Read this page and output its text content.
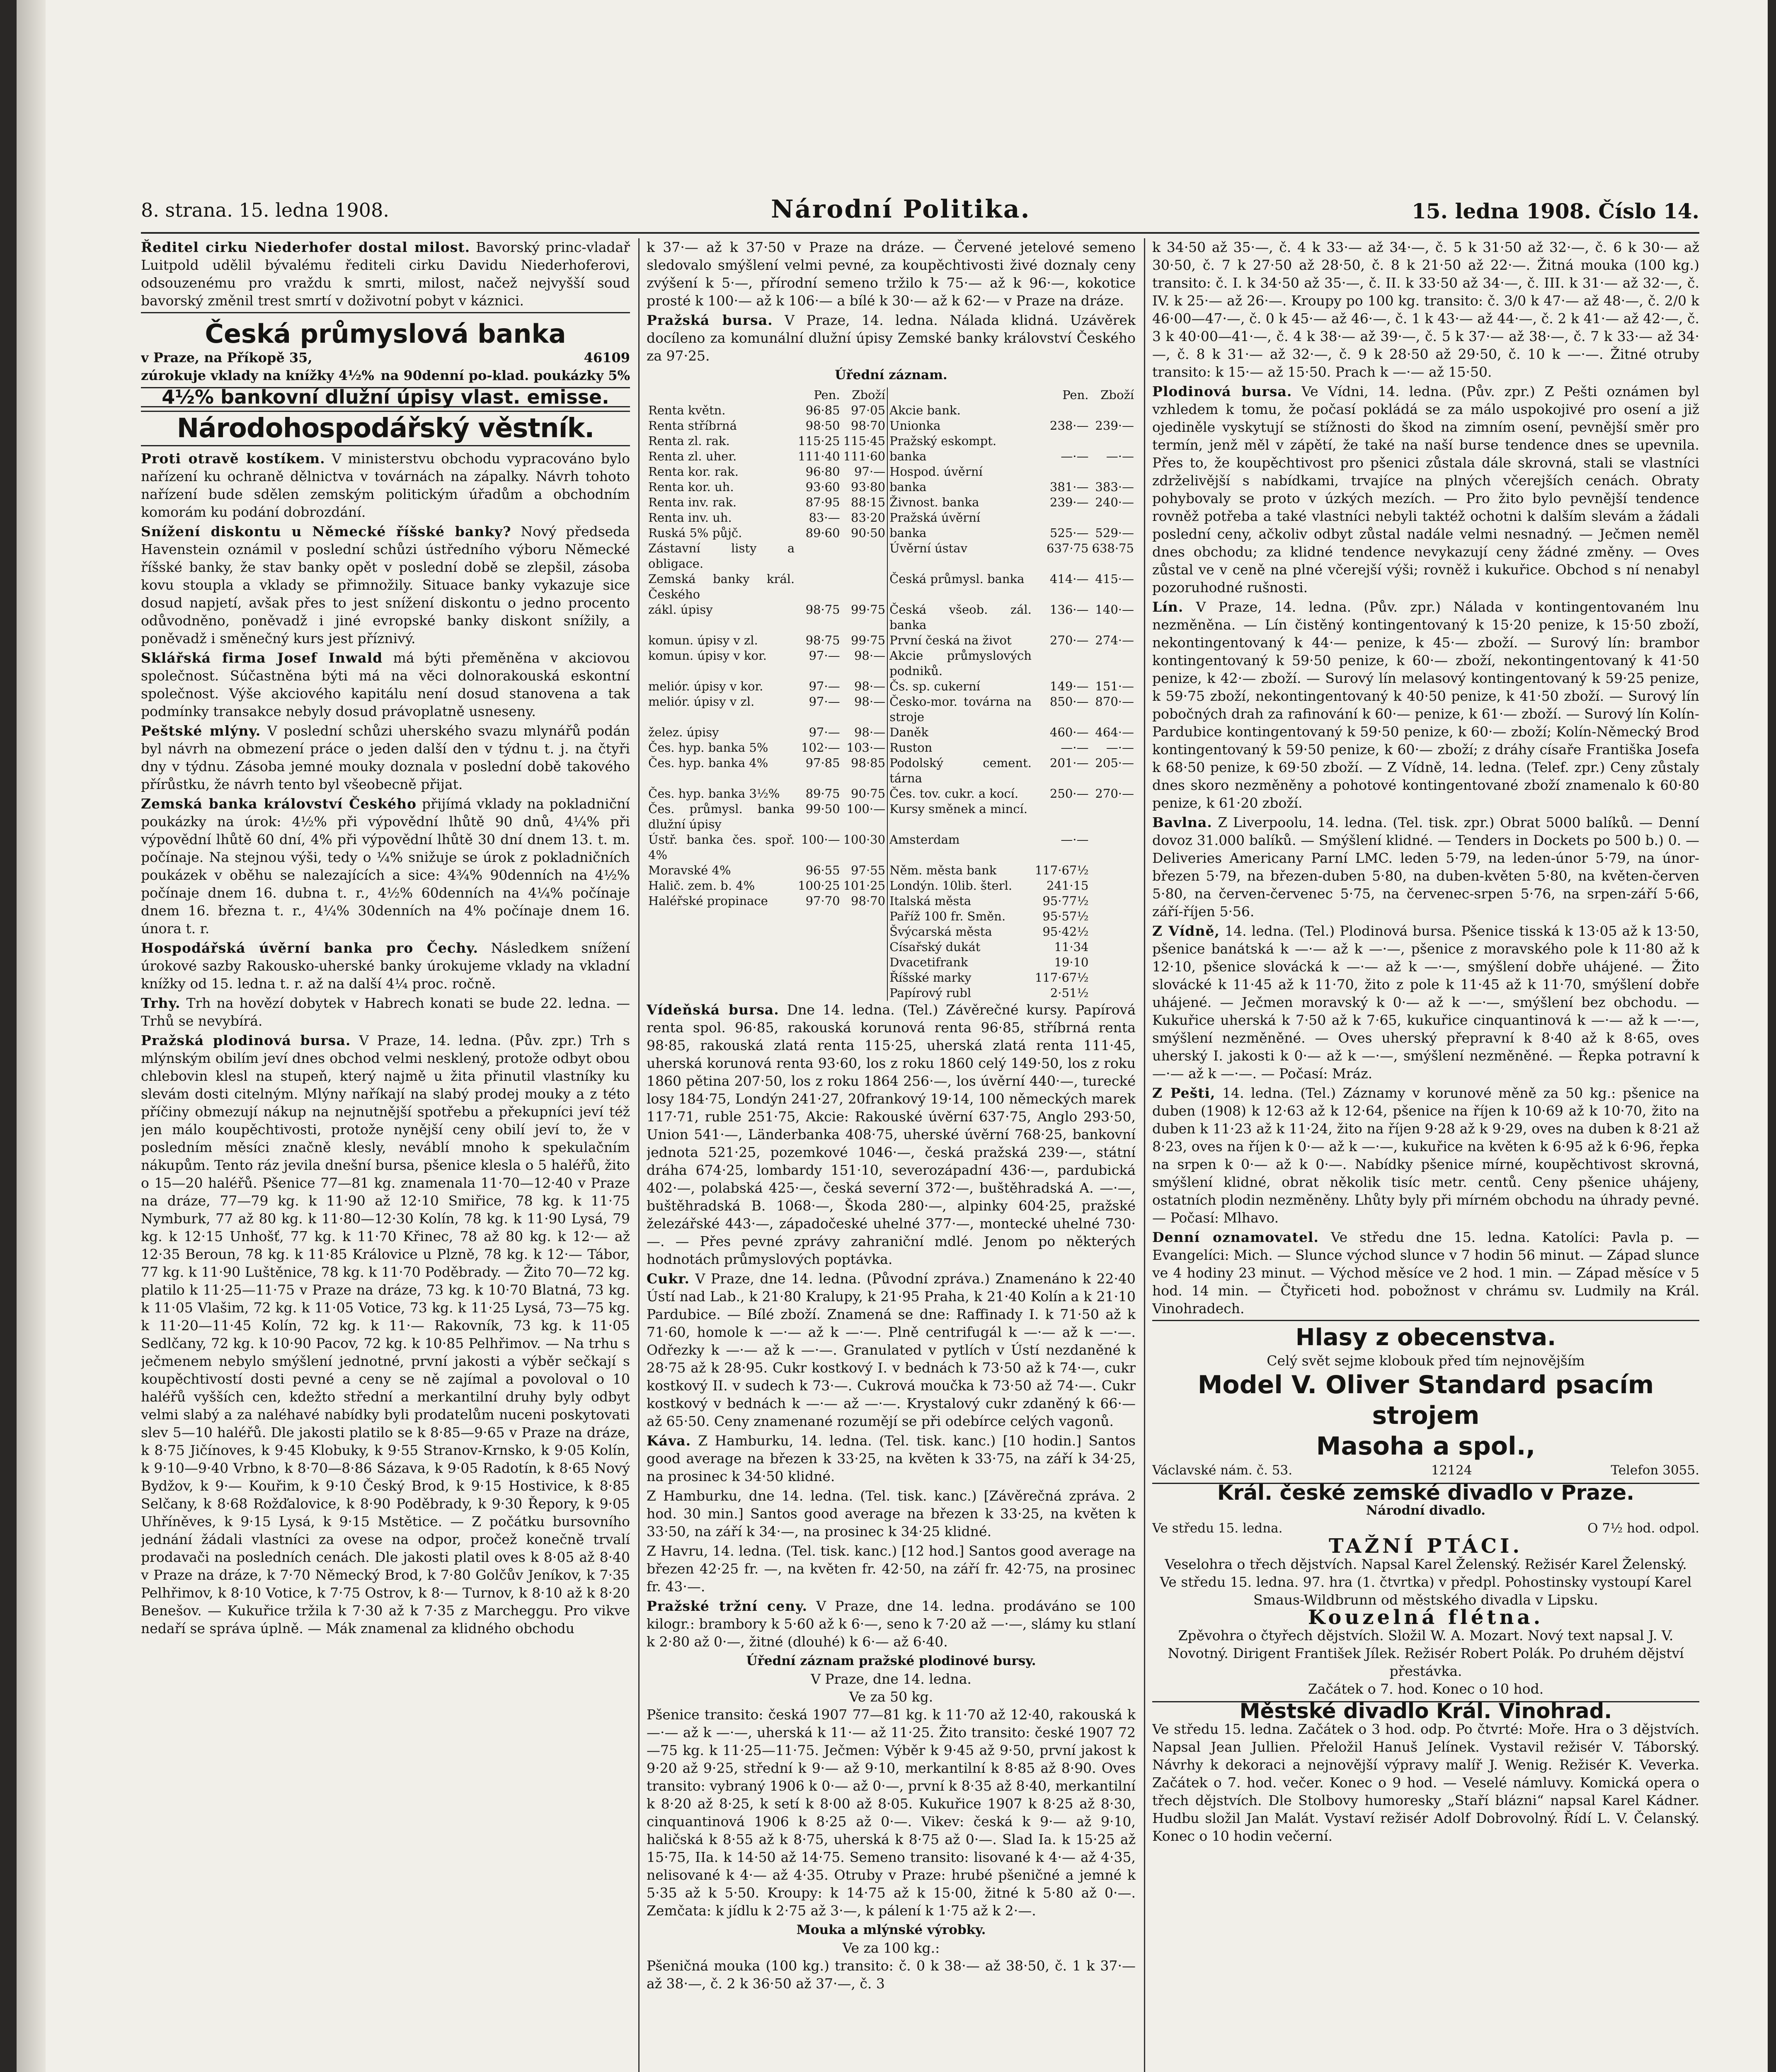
8. strana. 15. ledna 1908.	Národní Politika.	15. ledna 1908. Číslo 14.

Ředitel cirku Niederhofer dostal milost. Bavorský princ-vladař Luitpold udělil bývalému řediteli cirku Davidu Niederhoferovi, odsouzenému pro vraždu k smrti, milost, načež nejvyšší soud bavorský změnil trest smrtí v doživotní pobyt v káznici.

Česká průmyslová banka
v Praze, na Příkopě 35,	46109
zúrokuje vklady na knížky 4½% na 90denní po-klad. poukázky 5%
4½% bankovní dlužní úpisy vlast. emisse.
Národohospodářský věstník.

Proti otravě kostíkem. V ministerstvu obchodu vypracováno bylo nařízení ku ochraně dělnictva v továrnách na zápalky. Návrh tohoto nařízení bude sdělen zemským politickým úřadům a obchodním komorám ku podání dobrozdání.

Snížení diskontu u Německé říšské banky? Nový předseda Havenstein oznámil v poslední schůzi ústředního výboru Německé říšské banky, že stav banky opět v poslední době se zlepšil, zásoba kovu stoupla a vklady se přimnožily. Situace banky vykazuje sice dosud napjetí, avšak přes to jest snížení diskontu o jedno procento odůvodněno, poněvadž i jiné evropské banky diskont snížily, a poněvadž i směnečný kurs jest příznivý.

Sklářská firma Josef Inwald má býti přeměněna v akciovou společnost. Súčastněna býti má na věci dolnorakouská eskontní společnost. Výše akciového kapitálu není dosud stanovena a tak podmínky transakce nebyly dosud právoplatně usneseny.

Peštské mlýny. V poslední schůzi uherského svazu mlynářů podán byl návrh na obmezení práce o jeden další den v týdnu t. j. na čtyři dny v týdnu. Zásoba jemné mouky doznala v poslední době takového přírůstku, že návrh tento byl všeobecně přijat.

Zemská banka království Českého přijímá vklady na pokladniční poukázky na úrok: 4½% při výpovědní lhůtě 90 dnů, 4¼% při výpovědní lhůtě 60 dní, 4% při výpovědní lhůtě 30 dní dnem 13. t. m. počínaje. Na stejnou výši, tedy o ¼% snižuje se úrok z pokladničních poukázek v oběhu se nalezajících a sice: 4¾% 90denních na 4½% počínaje dnem 16. dubna t. r., 4½% 60denních na 4¼% počínaje dnem 16. března t. r., 4¼% 30denních na 4% počínaje dnem 16. února t. r.

Hospodářská úvěrní banka pro Čechy. Následkem snížení úrokové sazby Rakousko-uherské banky úrokujeme vklady na vkladní knížky od 15. ledna t. r. až na další 4¼ proc. ročně.

Trhy. Trh na hovězí dobytek v Habrech konati se bude 22. ledna. — Trhů se nevybírá.

Pražská plodinová bursa. V Praze, 14. ledna. (Pův. zpr.) Trh s mlýnským obilím jeví dnes obchod velmi nesklený, protože odbyt obou chlebovin klesl na stupeň, který najmě u žita přinutil vlastníky ku slevám dosti citelným. Mlýny naříkají na slabý prodej mouky a z této příčiny obmezují nákup na nejnutnější spotřebu a překupníci jeví též jen málo koupěchtivosti, protože nynější ceny obilí jeví to, že v posledním měsíci značně klesly, neváblí mnoho k spekulačním nákupům. Tento ráz jevila dnešní bursa, pšenice klesla o 5 haléřů, žito o 15—20 haléřů. Pšenice 77—81 kg. znamenala 11·70—12·40 v Praze na dráze, 77—79 kg. k 11·90 až 12·10 Smiřice, 78 kg. k 11·75 Nymburk, 77 až 80 kg. k 11·80—12·30 Kolín, 78 kg. k 11·90 Lysá, 79 kg. k 12·15 Unhošť, 77 kg. k 11·70 Křinec, 78 až 80 kg. k 12·— až 12·35 Beroun, 78 kg. k 11·85 Královice u Plzně, 78 kg. k 12·— Tábor, 77 kg. k 11·90 Luštěnice, 78 kg. k 11·70 Poděbrady. — Žito 70—72 kg. platilo k 11·25—11·75 v Praze na dráze, 73 kg. k 10·70 Blatná, 73 kg. k 11·05 Vlašim, 72 kg. k 11·05 Votice, 73 kg. k 11·25 Lysá, 73—75 kg. k 11·20—11·45 Kolín, 72 kg. k 11·— Rakovník, 73 kg. k 11·05 Sedlčany, 72 kg. k 10·90 Pacov, 72 kg. k 10·85 Pelhřimov. — Na trhu s ječmenem nebylo smýšlení jednotné, první jakosti a výběr sečkají s koupěchtivostí dosti pevné a ceny se ně zajímal a povoloval o 10 haléřů vyšších cen, kdežto střední a merkantilní druhy byly odbyt velmi slabý a za naléhavé nabídky byli prodatelům nuceni poskytovati slev 5—10 haléřů. Dle jakosti platilo se k 8·85—9·65 v Praze na dráze, k 8·75 Jičínoves, k 9·45 Klobuky, k 9·55 Stranov-Krnsko, k 9·05 Kolín, k 9·10—9·40 Vrbno, k 8·70—8·86 Sázava, k 9·05 Radotín, k 8·65 Nový Bydžov, k 9·— Kouřim, k 9·10 Český Brod, k 9·15 Hostivice, k 8·85 Selčany, k 8·68 Rožďalovice, k 8·90 Poděbrady, k 9·30 Řepory, k 9·05 Uhříněves, k 9·15 Lysá, k 9·15 Mstětice. — Z počátku bursovního jednání žádali vlastníci za ovese na odpor, pročež konečně trvalí prodavači na posledních cenách. Dle jakosti platil oves k 8·05 až 8·40 v Praze na dráze, k 7·70 Německý Brod, k 7·80 Golčův Jeníkov, k 7·35 Pelhřimov, k 8·10 Votice, k 7·75 Ostrov, k 8·— Turnov, k 8·10 až k 8·20 Benešov. — Kukuřice tržila k 7·30 až k 7·35 z Marcheggu. Pro vikve nedaří se správa úplně. — Mák znamenal za klidného obchodu

k 37·— až k 37·50 v Praze na dráze. — Červené jetelové semeno sledovalo smýšlení velmi pevné, za koupěchtivosti živé doznaly ceny zvýšení k 5·—, přírodní semeno tržilo k 75·— až k 96·—, kokotice prosté k 100·— až k 106·— a bílé k 30·— až k 62·— v Praze na dráze.

Pražská bursa. V Praze, 14. ledna. Nálada klidná. Uzávěrek docíleno za komunální dlužní úpisy Zemské banky království Českého za 97·25.

Úřední záznam.
	Pen.	Zboží		Pen.	Zboží
Renta květn.	96·85	97·05	Akcie bank.		
Renta stříbrná	98·50	98·70	Unionka	238·—	239·—
Renta zl. rak.	115·25	115·45	Pražský eskompt.		
Renta zl. uher.	111·40	111·60	banka	—·—	—·—
Renta kor. rak.	96·80	97·—	Hospod. úvěrní		
Renta kor. uh.	93·60	93·80	banka	381·—	383·—
Renta inv. rak.	87·95	88·15	Živnost. banka	239·—	240·—
Renta inv. uh.	83·—	83·20	Pražská úvěrní		
Ruská 5% půjč.	89·60	90·50	banka	525·—	529·—
Zástavní listy a obligace.			Úvěrní ústav	637·75	638·75
Zemská banky král. Českého			Česká průmysl. banka	414·—	415·—
zákl. úpisy	98·75	99·75	Česká všeob. zál. banka	136·—	140·—
komun. úpisy v zl.	98·75	99·75	První česká na život	270·—	274·—
komun. úpisy v kor.	97·—	98·—	Akcie průmyslových podniků.		
meliór. úpisy v kor.	97·—	98·—	Čs. sp. cukerní	149·—	151·—
meliór. úpisy v zl.	97·—	98·—	Česko-mor. továrna na stroje	850·—	870·—
želez. úpisy	97·—	98·—	Daněk	460·—	464·—
Čes. hyp. banka 5%	102·—	103·—	Ruston	—·—	—·—
Čes. hyp. banka 4%	97·85	98·85	Podolský cement. tárna	201·—	205·—
Čes. hyp. banka 3½%	89·75	90·75	Čes. tov. cukr. a kocí.	250·—	270·—
Čes. průmysl. banka dlužní úpisy	99·50	100·—	Kursy směnek a mincí.		
Ústř. banka čes. spoř. 4%	100·—	100·30	Amsterdam	—·—	
Moravské 4%	96·55	97·55	Něm. města bank	117·67½	
Halič. zem. b. 4%	100·25	101·25	Londýn. 10lib. šterl.	241·15	
Haléřské propinace	97·70	98·70	Italská města	95·77½	
			Paříž 100 fr. Směn.	95·57½	
			Švýcarská města	95·42½	
			Císařský dukát	11·34	
			Dvacetifrank	19·10	
			Říšské marky	117·67½	
			Papírový rubl	2·51½	

Vídeňská bursa. Dne 14. ledna. (Tel.) Závěrečné kursy. Papírová renta spol. 96·85, rakouská korunová renta 96·85, stříbrná renta 98·85, rakouská zlatá renta 115·25, uherská zlatá renta 111·45, uherská korunová renta 93·60, los z roku 1860 celý 149·50, los z roku 1860 pětina 207·50, los z roku 1864 256·—, los úvěrní 440·—, turecké losy 184·75, Londýn 241·27, 20frankový 19·14, 100 německých marek 117·71, ruble 251·75, Akcie: Rakouské úvěrní 637·75, Anglo 293·50, Union 541·—, Länderbanka 408·75, uherské úvěrní 768·25, bankovní jednota 521·25, pozemkové 1046·—, česká pražská 239·—, státní dráha 674·25, lombardy 151·10, severozápadní 436·—, pardubická 402·—, polabská 425·—, česká severní 372·—, buštěhradská A. —·—, buštěhradská B. 1068·—, Škoda 280·—, alpinky 604·25, pražské železářské 443·—, západočeské uhelné 377·—, montecké uhelné 730·—. — Přes pevné zprávy zahraniční mdlé. Jenom po některých hodnotách průmyslových poptávka.

Cukr. V Praze, dne 14. ledna. (Původní zpráva.) Znamenáno k 22·40 Ústí nad Lab., k 21·80 Kralupy, k 21·95 Praha, k 21·40 Kolín a k 21·10 Pardubice. — Bílé zboží. Znamená se dne: Raffinady I. k 71·50 až k 71·60, homole k —·— až k —·—. Plně centrifugál k —·— až k —·—. Odřezky k —·— až k —·—. Granulated v pytlích v Ústí nezdaněné k 28·75 až k 28·95. Cukr kostkový I. v bednách k 73·50 až k 74·—, cukr kostkový II. v sudech k 73·—. Cukrová moučka k 73·50 až 74·—. Cukr kostkový v bednách k —·— až —·—. Krystalový cukr zdaněný k 66·— až 65·50. Ceny znamenané rozumějí se při odebírce celých vagonů.

Káva. Z Hamburku, 14. ledna. (Tel. tisk. kanc.) [10 hodin.] Santos good average na březen k 33·25, na květen k 33·75, na září k 34·25, na prosinec k 34·50 klidné.

Z Hamburku, dne 14. ledna. (Tel. tisk. kanc.) [Závěrečná zpráva. 2 hod. 30 min.] Santos good average na březen k 33·25, na květen k 33·50, na září k 34·—, na prosinec k 34·25 klidné.

Z Havru, 14. ledna. (Tel. tisk. kanc.) [12 hod.] Santos good average na březen 42·25 fr. —, na květen fr. 42·50, na září fr. 42·75, na prosinec fr. 43·—.

Pražské tržní ceny. V Praze, dne 14. ledna. prodáváno se 100 kilogr.: brambory k 5·60 až k 6·—, seno k 7·20 až —·—, slámy ku stlaní k 2·80 až 0·—, žitné (dlouhé) k 6·— až 6·40.

Úřední záznam pražské plodinové bursy.
V Praze, dne 14. ledna.
Ve za 50 kg.

Pšenice transito: česká 1907 77—81 kg. k 11·70 až 12·40, rakouská k —·— až k —·—, uherská k 11·— až 11·25. Žito transito: české 1907 72—75 kg. k 11·25—11·75. Ječmen: Výběr k 9·45 až 9·50, první jakost k 9·20 až 9·25, střední k 9·— až 9·10, merkantilní k 8·85 až 8·90. Oves transito: vybraný 1906 k 0·— až 0·—, první k 8·35 až 8·40, merkantilní k 8·20 až 8·25, k setí k 8·00 až 8·05. Kukuřice 1907 k 8·25 až 8·30, cinquantinová 1906 k 8·25 až 0·—. Vikev: česká k 9·— až 9·10, haličská k 8·55 až k 8·75, uherská k 8·75 až 0·—. Slad Ia. k 15·25 až 15·75, IIa. k 14·50 až 14·75. Semeno transito: lisované k 4·— až 4·35, nelisované k 4·— až 4·35. Otruby v Praze: hrubé pšeničné a jemné k 5·35 až k 5·50. Kroupy: k 14·75 až k 15·00, žitné k 5·80 až 0·—. Zemčata: k jídlu k 2·75 až 3·—, k pálení k 1·75 až k 2·—.

Mouka a mlýnské výrobky.
Ve za 100 kg.:

Pšeničná mouka (100 kg.) transito: č. 0 k 38·— až 38·50, č. 1 k 37·— až 38·—, č. 2 k 36·50 až 37·—, č. 3

k 34·50 až 35·—, č. 4 k 33·— až 34·—, č. 5 k 31·50 až 32·—, č. 6 k 30·— až 30·50, č. 7 k 27·50 až 28·50, č. 8 k 21·50 až 22·—. Žitná mouka (100 kg.) transito: č. I. k 34·50 až 35·—, č. II. k 33·50 až 34·—, č. III. k 31·— až 32·—, č. IV. k 25·— až 26·—. Kroupy po 100 kg. transito: č. 3/0 k 47·— až 48·—, č. 2/0 k 46·00—47·—, č. 0 k 45·— až 46·—, č. 1 k 43·— až 44·—, č. 2 k 41·— až 42·—, č. 3 k 40·00—41·—, č. 4 k 38·— až 39·—, č. 5 k 37·— až 38·—, č. 7 k 33·— až 34·—, č. 8 k 31·— až 32·—, č. 9 k 28·50 až 29·50, č. 10 k —·—. Žitné otruby transito: k 15·— až 15·50. Prach k —·— až 15·50.

Plodinová bursa. Ve Vídni, 14. ledna. (Pův. zpr.) Z Pešti oznámen byl vzhledem k tomu, že počasí pokládá se za málo uspokojivé pro osení a již ojediněle vyskytují se stížnosti do škod na zimním osení, pevnější směr pro termín, jenž měl v zápětí, že také na naší burse tendence dnes se upevnila. Přes to, že koupěchtivost pro pšenici zůstala dále skrovná, stali se vlastníci zdrželivější s nabídkami, trvajíce na plných včerejších cenách. Obraty pohybovaly se proto v úzkých mezích. — Pro žito bylo pevnější tendence rovněž potřeba a také vlastníci nebyli taktéž ochotni k dalším slevám a žádali poslední ceny, ačkoliv odbyt zůstal nadále velmi nesnadný. — Ječmen neměl dnes obchodu; za klidné tendence nevykazují ceny žádné změny. — Oves zůstal ve v ceně na plné včerejší výši; rovněž i kukuřice. Obchod s ní nenabyl pozoruhodné rušnosti.

Lín. V Praze, 14. ledna. (Pův. zpr.) Nálada v kontingentovaném lnu nezměněna. — Lín čistěný kontingentovaný k 15·20 penize, k 15·50 zboží, nekontingentovaný k 44·— penize, k 45·— zboží. — Surový lín: brambor kontingentovaný k 59·50 penize, k 60·— zboží, nekontingentovaný k 41·50 penize, k 42·— zboží. — Surový lín melasový kontingentovaný k 59·25 penize, k 59·75 zboží, nekontingentovaný k 40·50 penize, k 41·50 zboží. — Surový lín pobočných drah za rafinování k 60·— penize, k 61·— zboží. — Surový lín Kolín-Pardubice kontingentovaný k 59·50 penize, k 60·— zboží; Kolín-Německý Brod kontingentovaný k 59·50 penize, k 60·— zboží; z dráhy císaře Františka Josefa k 68·50 penize, k 69·50 zboží. — Z Vídně, 14. ledna. (Telef. zpr.) Ceny zůstaly dnes skoro nezměněny a pohotové kontingentované zboží znamenalo k 60·80 penize, k 61·20 zboží.

Bavlna. Z Liverpoolu, 14. ledna. (Tel. tisk. zpr.) Obrat 5000 balíků. — Denní dovoz 31.000 balíků. — Smýšlení klidné. — Tenders in Dockets po 500 b.) 0. — Deliveries Americany Parní LMC. leden 5·79, na leden-únor 5·79, na únor-březen 5·79, na březen-duben 5·80, na duben-květen 5·80, na květen-červen 5·80, na červen-červenec 5·75, na červenec-srpen 5·76, na srpen-září 5·66, září-říjen 5·56.

Z Vídně, 14. ledna. (Tel.) Plodinová bursa. Pšenice tisská k 13·05 až k 13·50, pšenice banátská k —·— až k —·—, pšenice z moravského pole k 11·80 až k 12·10, pšenice slovácká k —·— až k —·—, smýšlení dobře uhájené. — Žito slovácké k 11·45 až k 11·70, žito z pole k 11·45 až k 11·70, smýšlení dobře uhájené. — Ječmen moravský k 0·— až k —·—, smýšlení bez obchodu. — Kukuřice uherská k 7·50 až k 7·65, kukuřice cinquantinová k —·— až k —·—, smýšlení nezměněné. — Oves uherský přepravní k 8·40 až k 8·65, oves uherský I. jakosti k 0·— až k —·—, smýšlení nezměněné. — Řepka potravní k —·— až k —·—. — Počasí: Mráz.

Z Pešti, 14. ledna. (Tel.) Záznamy v korunové měně za 50 kg.: pšenice na duben (1908) k 12·63 až k 12·64, pšenice na říjen k 10·69 až k 10·70, žito na duben k 11·23 až k 11·24, žito na říjen 9·28 až k 9·29, oves na duben k 8·21 až 8·23, oves na říjen k 0·— až k —·—, kukuřice na květen k 6·95 až k 6·96, řepka na srpen k 0·— až k 0·—. Nabídky pšenice mírné, koupěchtivost skrovná, smýšlení klidné, obrat několik tisíc metr. centů. Ceny pšenice uhájeny, ostatních plodin nezměněny. Lhůty byly při mírném obchodu na úhrady pevné. — Počasí: Mlhavo.

Denní oznamovatel. Ve středu dne 15. ledna. Katolíci: Pavla p. — Evangelíci: Mich. — Slunce východ slunce v 7 hodin 56 minut. — Západ slunce ve 4 hodiny 23 minut. — Východ měsíce ve 2 hod. 1 min. — Západ měsíce v 5 hod. 14 min. — Čtyřiceti hod. pobožnost v chrámu sv. Ludmily na Král. Vinohradech.

Hlasy z obecenstva.
Celý svět sejme klobouk před tím nejnovějším
Model V. Oliver Standard psacím strojem
Masoha a spol.,
Václavské nám. č. 53.	12124	Telefon 3055.
Král. české zemské divadlo v Praze.
Národní divadlo.
Ve středu 15. ledna.	O 7½ hod. odpol.
TAŽNÍ PTÁCI.
Veselohra o třech dějstvích. Napsal Karel Želenský. Režisér Karel Želenský.
Ve středu 15. ledna. 97. hra (1. čtvrtka) v předpl. Pohostinsky vystoupí Karel Smaus-Wildbrunn od městského divadla v Lipsku.
Kouzelná flétna.
Zpěvohra o čtyřech dějstvích. Složil W. A. Mozart. Nový text napsal J. V. Novotný. Dirigent František Jílek. Režisér Robert Polák. Po druhém dějství přestávka.
Začátek o 7. hod. Konec o 10 hod.
Městské divadlo Král. Vinohrad.

Ve středu 15. ledna. Začátek o 3 hod. odp. Po čtvrté: Moře. Hra o 3 dějstvích. Napsal Jean Jullien. Přeložil Hanuš Jelínek. Vystavil režisér V. Táborský. Návrhy k dekoraci a nejnovější výpravy malíř J. Wenig. Režisér K. Veverka. Začátek o 7. hod. večer. Konec o 9 hod. — Veselé námluvy. Komická opera o třech dějstvích. Dle Stolbovy humoresky „Staří blázni“ napsal Karel Kádner. Hudbu složil Jan Malát. Vystaví režisér Adolf Dobrovolný. Řídí L. V. Čelanský. Konec o 10 hodin večerní.
